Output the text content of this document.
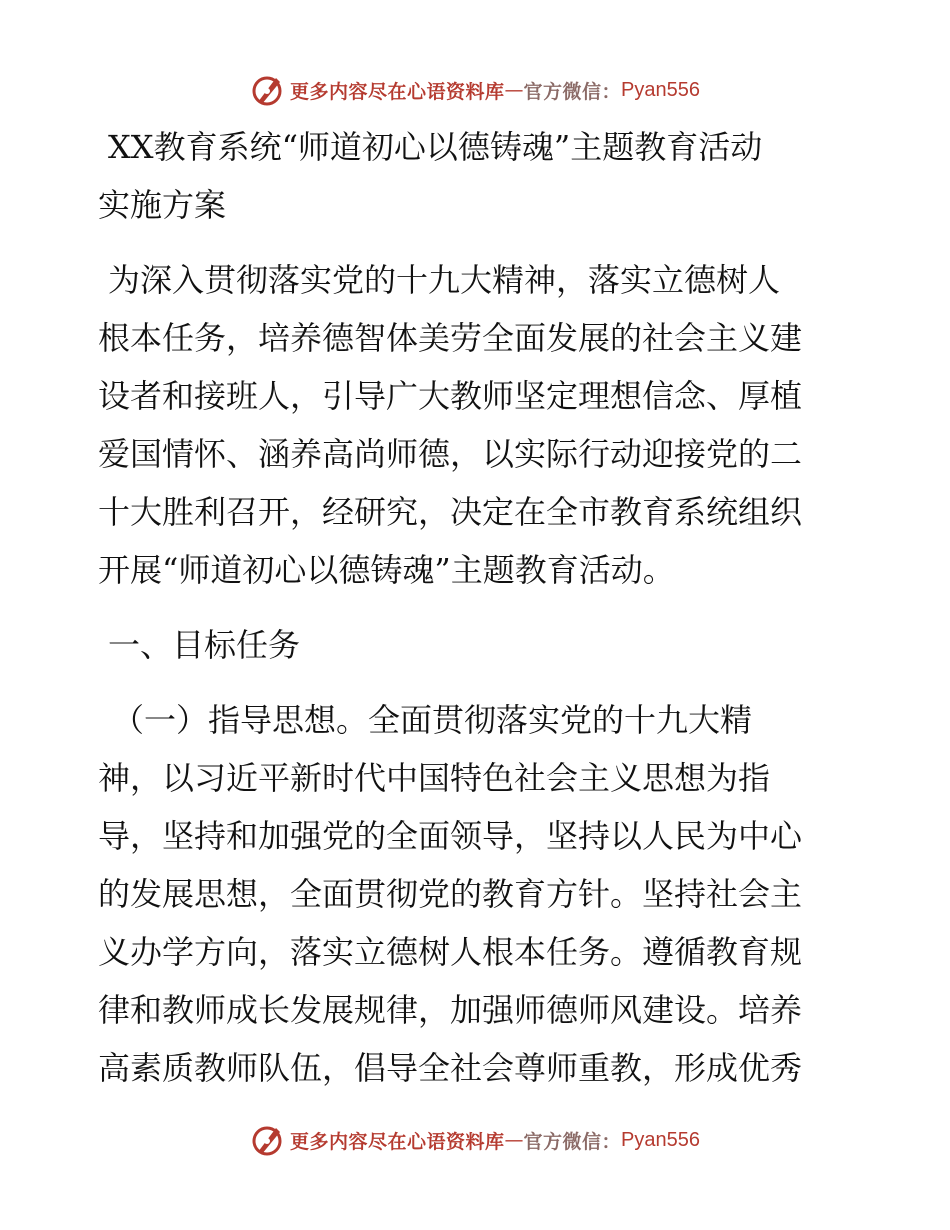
更多内容尽在心语资料库 — 官方微信： Pyan556
XX教育系统“师道初心以德铸魂”主题教育活动
实施方案
为深入贯彻落实党的十九大精神，落实立德树人
根本任务，培养德智体美劳全面发展的社会主义建
设者和接班人，引导广大教师坚定理想信念、厚植
爱国情怀、涵养高尚师德，以实际行动迎接党的二
十大胜利召开，经研究，决定在全市教育系统组织
开展“师道初心以德铸魂”主题教育活动。
一、目标任务
（一）指导思想。全面贯彻落实党的十九大精
神，以习近平新时代中国特色社会主义思想为指
导，坚持和加强党的全面领导，坚持以人民为中心
的发展思想，全面贯彻党的教育方针。坚持社会主
义办学方向，落实立德树人根本任务。遵循教育规
律和教师成长发展规律，加强师德师风建设。培养
高素质教师队伍，倡导全社会尊师重教，形成优秀
更多内容尽在心语资料库 — 官方微信： Pyan556
